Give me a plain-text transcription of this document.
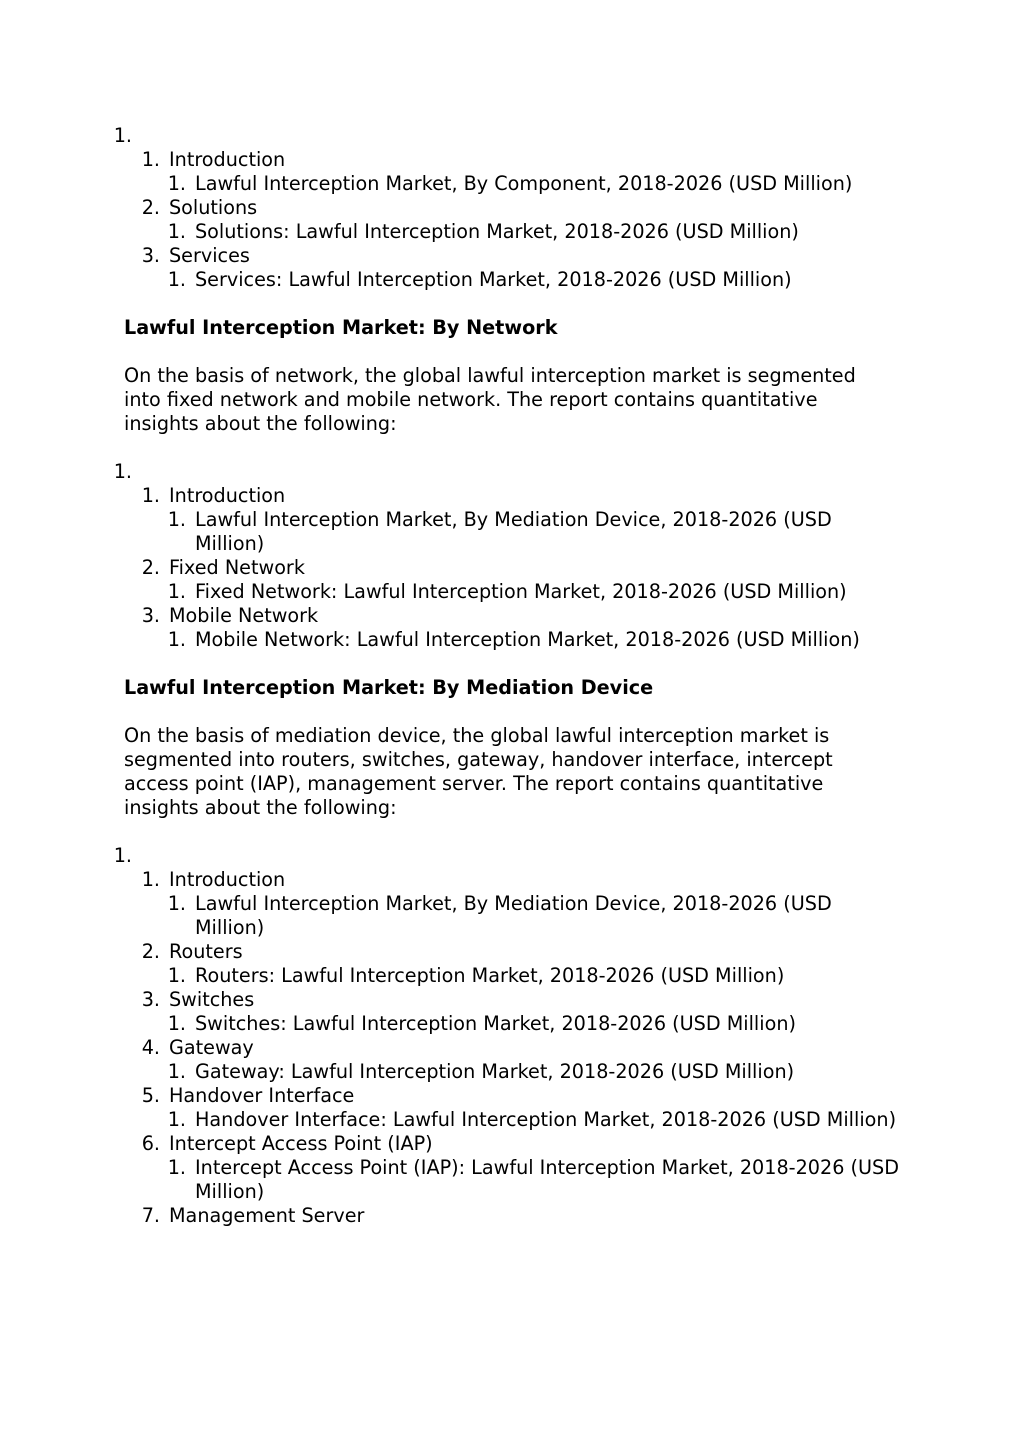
1.
1. Introduction
1. Lawful Interception Market, By Component, 2018-2026 (USD Million)
2. Solutions
1. Solutions: Lawful Interception Market, 2018-2026 (USD Million)
3. Services
1. Services: Lawful Interception Market, 2018-2026 (USD Million)
Lawful Interception Market: By Network
On the basis of network, the global lawful interception market is segmented into fixed network and mobile network. The report contains quantitative insights about the following:
1.
1. Introduction
1. Lawful Interception Market, By Mediation Device, 2018-2026 (USD Million)
2. Fixed Network
1. Fixed Network: Lawful Interception Market, 2018-2026 (USD Million)
3. Mobile Network
1. Mobile Network: Lawful Interception Market, 2018-2026 (USD Million)
Lawful Interception Market: By Mediation Device
On the basis of mediation device, the global lawful interception market is segmented into routers, switches, gateway, handover interface, intercept access point (IAP), management server. The report contains quantitative insights about the following:
1.
1. Introduction
1. Lawful Interception Market, By Mediation Device, 2018-2026 (USD Million)
2. Routers
1. Routers: Lawful Interception Market, 2018-2026 (USD Million)
3. Switches
1. Switches: Lawful Interception Market, 2018-2026 (USD Million)
4. Gateway
1. Gateway: Lawful Interception Market, 2018-2026 (USD Million)
5. Handover Interface
1. Handover Interface: Lawful Interception Market, 2018-2026 (USD Million)
6. Intercept Access Point (IAP)
1. Intercept Access Point (IAP): Lawful Interception Market, 2018-2026 (USD Million)
7. Management Server
